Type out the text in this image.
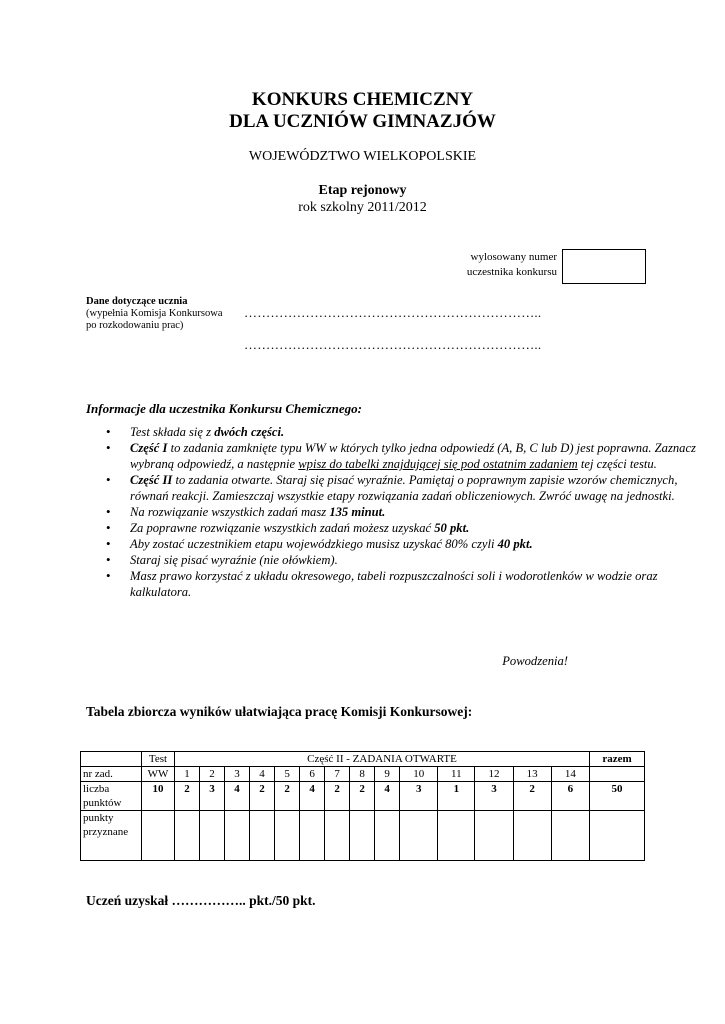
KONKURS CHEMICZNY
DLA UCZNIÓW GIMNAZJÓW
WOJEWÓDZTWO WIELKOPOLSKIE
Etap rejonowy
rok szkolny 2011/2012
wylosowany numer
uczestnika konkursu
Dane dotyczące ucznia
(wypełnia Komisja Konkursowa
po rozkodowaniu prac)
…………………………………………………………..
…………………………………………………………..
Informacje dla uczestnika Konkursu Chemicznego:
• Test składa się z dwóch części.
• Część I to zadania zamknięte typu WW w których tylko jedna odpowiedź (A, B, C lub D) jest poprawna. Zaznacz wybraną odpowiedź, a następnie wpisz do tabelki znajdującej się pod ostatnim zadaniem tej części testu.
• Część II to zadania otwarte. Staraj się pisać wyraźnie. Pamiętaj o poprawnym zapisie wzorów chemicznych, równań reakcji. Zamieszczaj wszystkie etapy rozwiązania zadań obliczeniowych. Zwróć uwagę na jednostki.
• Na rozwiązanie wszystkich zadań masz 135 minut.
• Za poprawne rozwiązanie wszystkich zadań możesz uzyskać 50 pkt.
• Aby zostać uczestnikiem etapu wojewódzkiego musisz uzyskać 80% czyli 40 pkt.
• Staraj się pisać wyraźnie (nie ołówkiem).
• Masz prawo korzystać z układu okresowego, tabeli rozpuszczalności soli i wodorotlenków w wodzie oraz kalkulatora.
Powodzenia!
Tabela zbiorcza wyników ułatwiająca pracę Komisji Konkursowej:
	Test	Część II - ZADANIA OTWARTE														razem
nr zad.	WW	1	2	3	4	5	6	7	8	9	10	11	12	13	14	

liczba
punktów	10	2	3	4	2	2	4	2	2	4	3	1	3	2	6	50

punkty
przyznane																

Uczeń uzyskał …………….. pkt./50 pkt.
